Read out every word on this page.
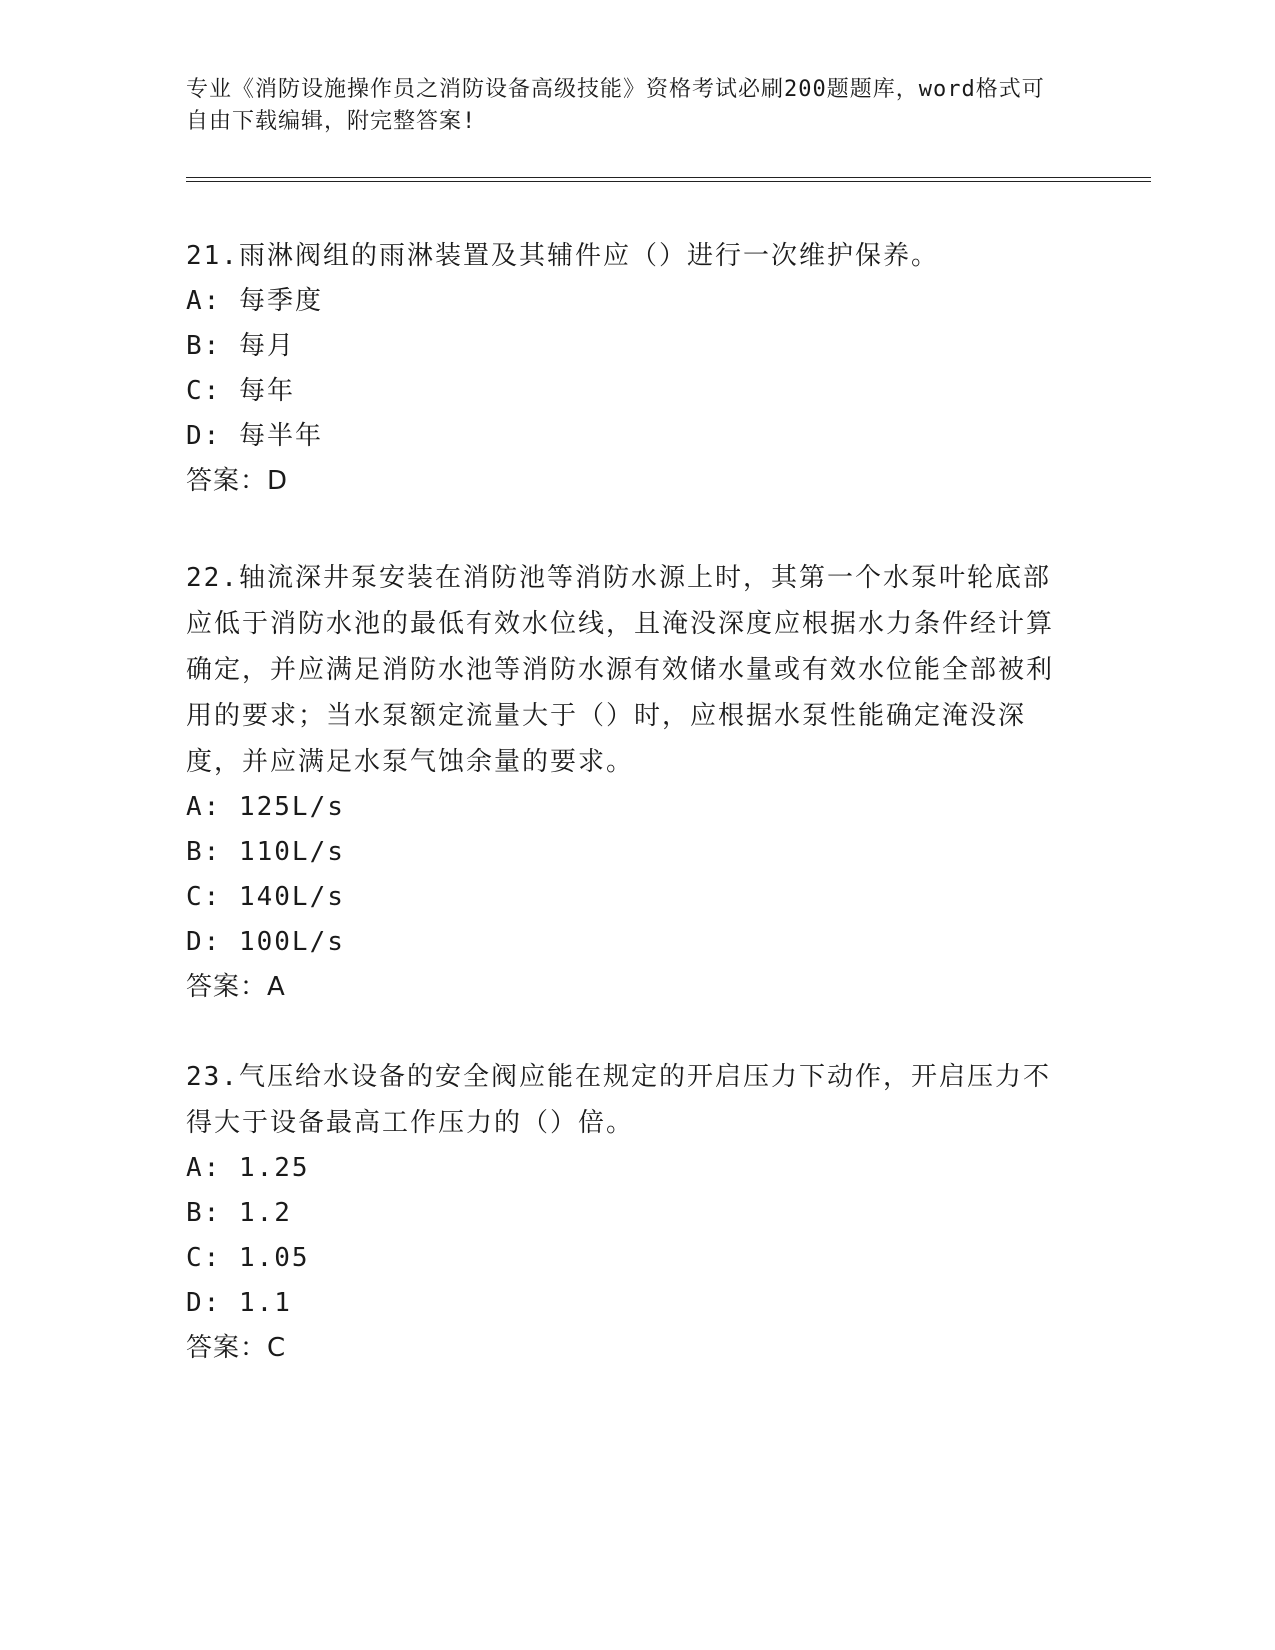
专业《消防设施操作员之消防设备高级技能》资格考试必刷200题题库，word格式可自由下载编辑，附完整答案!

21.雨淋阀组的雨淋装置及其辅件应（）进行一次维护保养。

A: 每季度
B: 每月
C: 每年
D: 每半年
答案：D

22.轴流深井泵安装在消防池等消防水源上时，其第一个水泵叶轮底部应低于消防水池的最低有效水位线，且淹没深度应根据水力条件经计算确定，并应满足消防水池等消防水源有效储水量或有效水位能全部被利用的要求；当水泵额定流量大于（）时，应根据水泵性能确定淹没深度，并应满足水泵气蚀余量的要求。

A: 125L/s
B: 110L/s
C: 140L/s
D: 100L/s
答案：A

23.气压给水设备的安全阀应能在规定的开启压力下动作，开启压力不得大于设备最高工作压力的（）倍。

A: 1.25
B: 1.2
C: 1.05
D: 1.1
答案：C
